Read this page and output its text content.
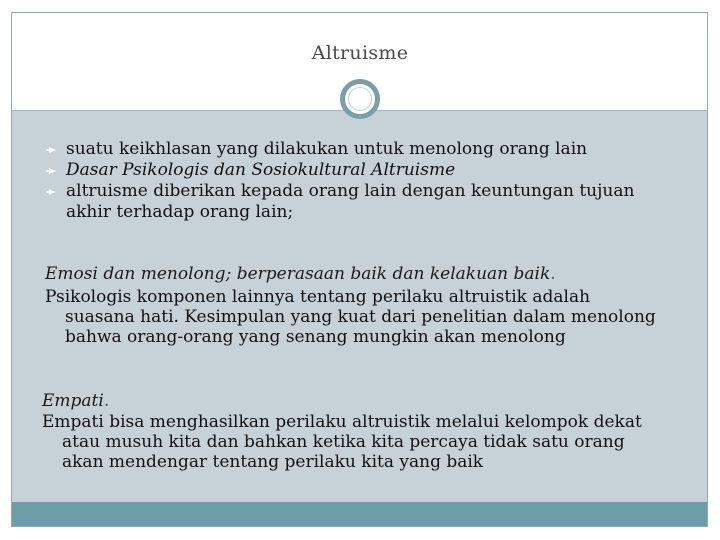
Altruisme
suatu keikhlasan yang dilakukan untuk menolong orang lain
Dasar Psikologis dan Sosiokultural Altruisme
altruisme diberikan kepada orang lain dengan keuntungan tujuan
akhir terhadap orang lain;
Emosi dan menolong; berperasaan baik dan kelakuan baik.
Psikologis komponen lainnya tentang perilaku altruistik adalah
suasana hati. Kesimpulan yang kuat dari penelitian dalam menolong
bahwa orang-orang yang senang mungkin akan menolong
Empati.
Empati bisa menghasilkan perilaku altruistik melalui kelompok dekat
atau musuh kita dan bahkan ketika kita percaya tidak satu orang
akan mendengar tentang perilaku kita yang baik
